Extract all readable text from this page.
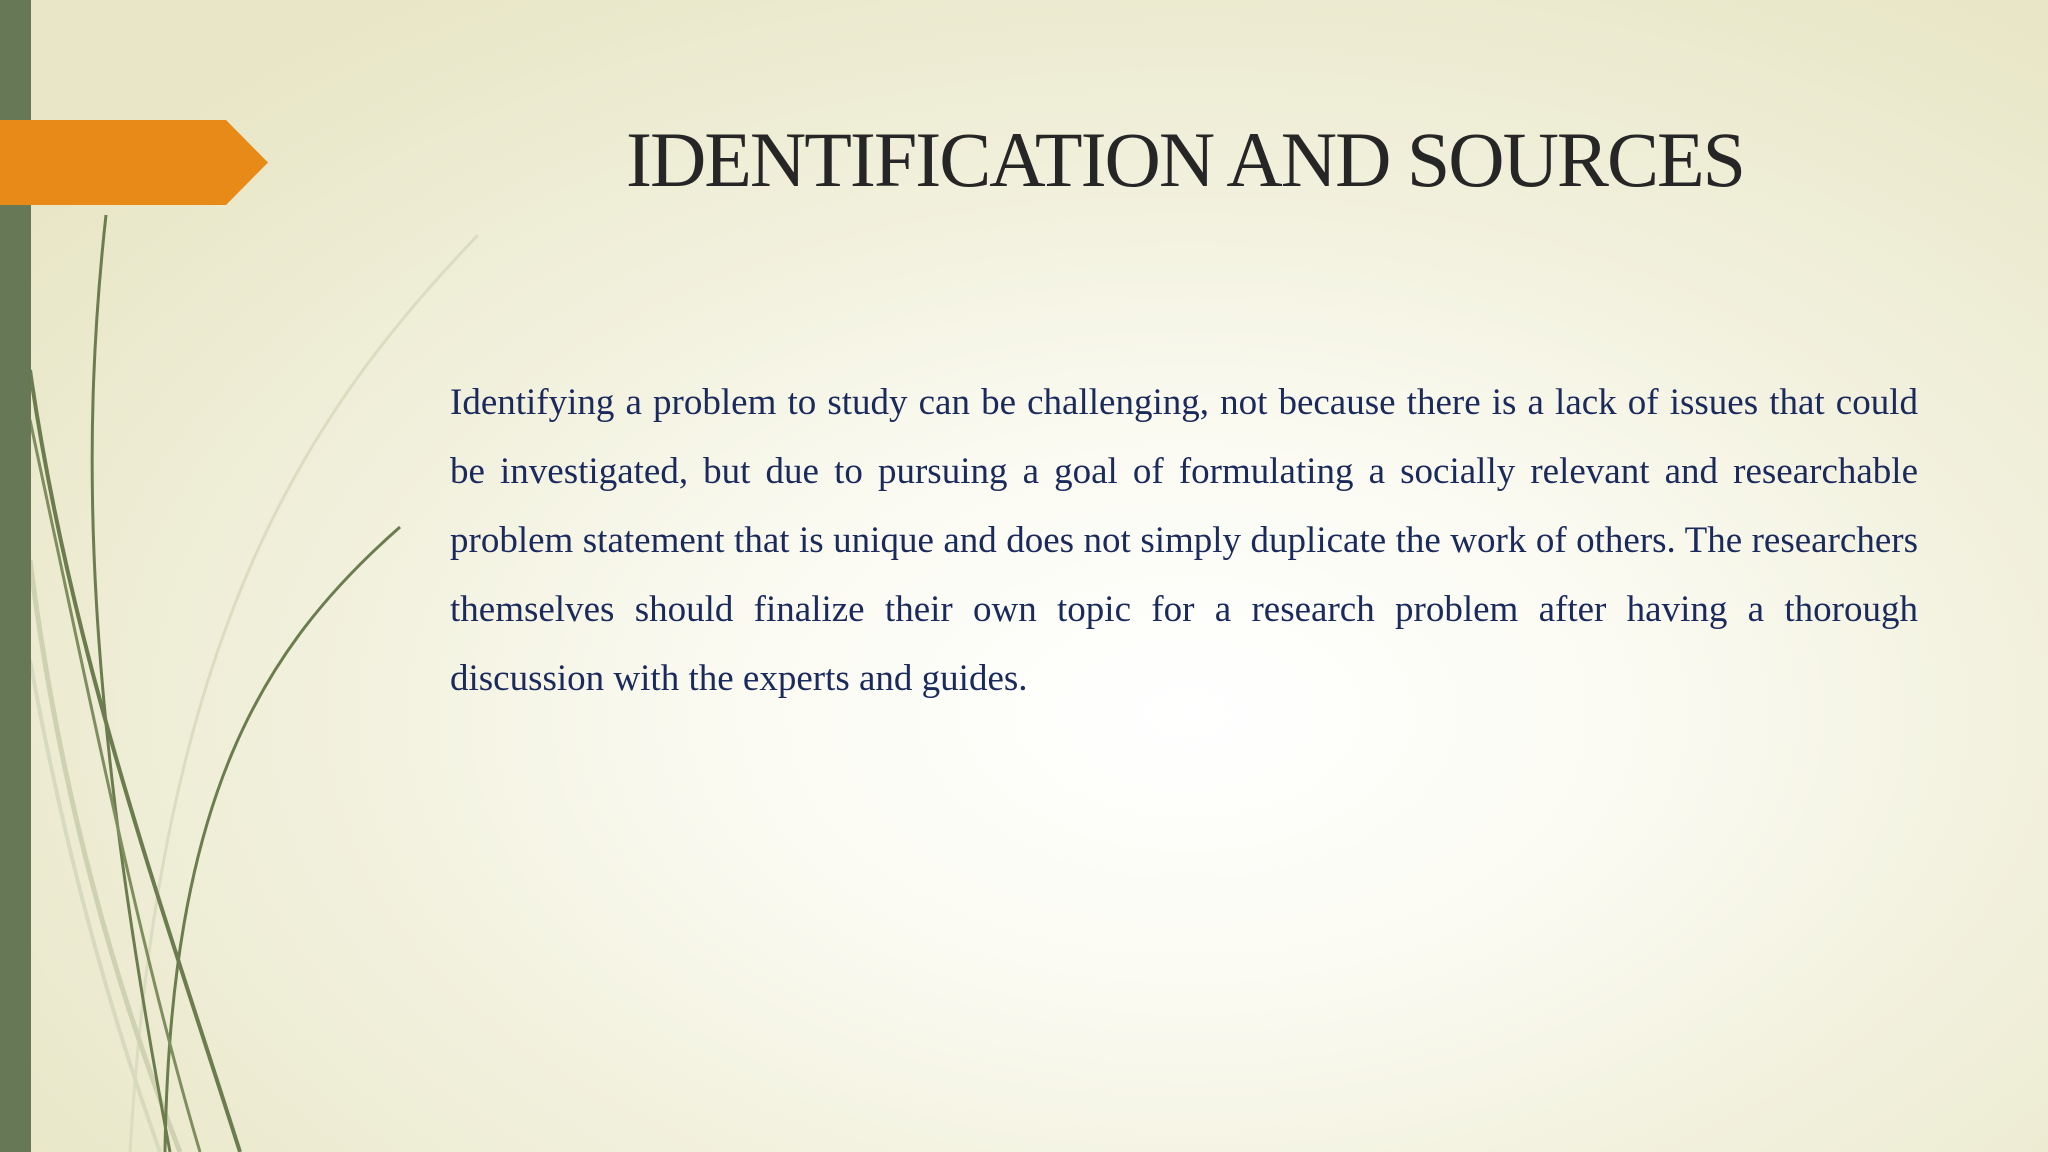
IDENTIFICATION AND SOURCES

Identifying a problem to study can be challenging, not because there is a lack of issues that could be investigated, but due to pursuing a goal of formulating a socially relevant and researchable problem statement that is unique and does not simply duplicate the work of others. The researchers themselves should finalize their own topic for a research problem after having a thorough discussion with the experts and guides.
